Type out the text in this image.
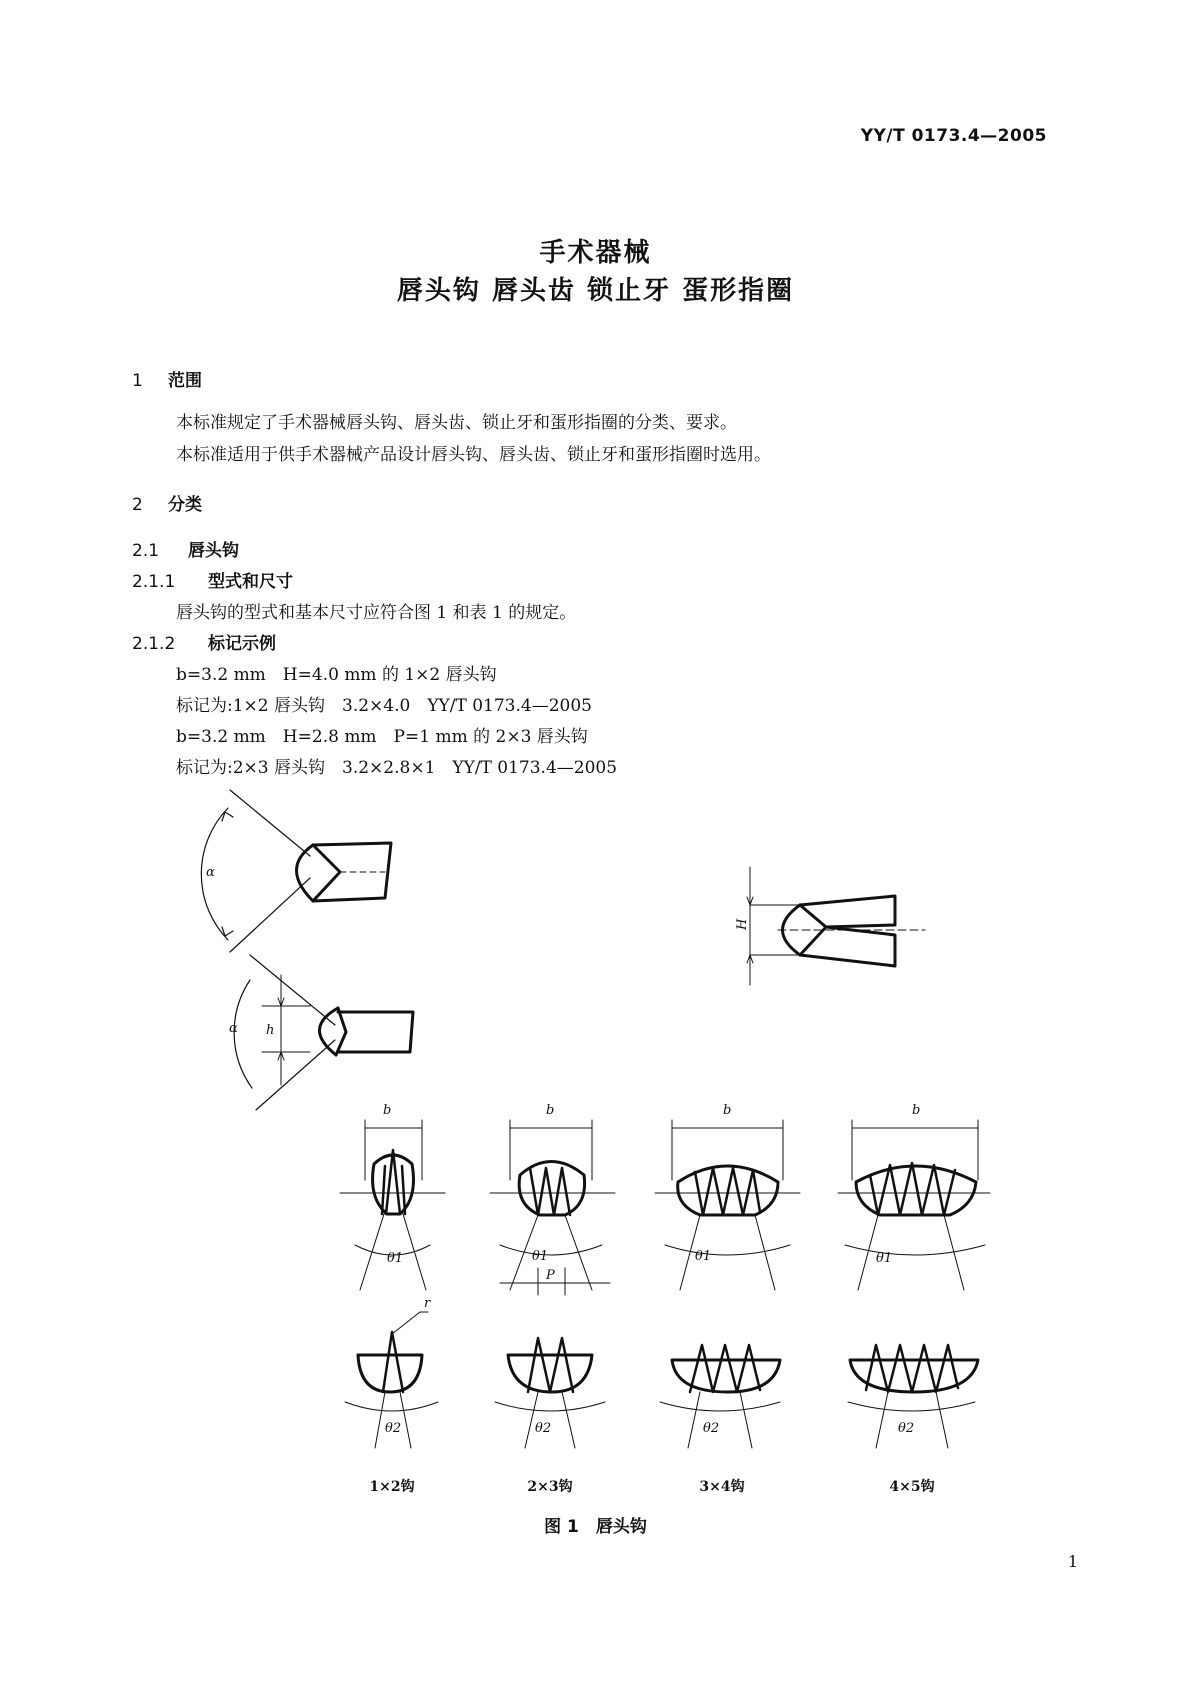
YY/T 0173.4—2005
手术器械
唇头钩 唇头齿 锁止牙 蛋形指圈
1 范围
本标准规定了手术器械唇头钩、唇头齿、锁止牙和蛋形指圈的分类、要求。
本标准适用于供手术器械产品设计唇头钩、唇头齿、锁止牙和蛋形指圈时选用。
2 分类
2.1 唇头钩
2.1.1 型式和尺寸
唇头钩的型式和基本尺寸应符合图 1 和表 1 的规定。
2.1.2 标记示例
b=3.2 mm　H=4.0 mm 的 1×2 唇头钩
标记为:1×2 唇头钩　3.2×4.0　YY/T 0173.4—2005
b=3.2 mm　H=2.8 mm　P=1 mm 的 2×3 唇头钩
标记为:2×3 唇头钩　3.2×2.8×1　YY/T 0173.4—2005
α
α h
H
b
θ1
b
θ1
P
b
θ1
b
θ1
r
θ2	θ2	θ2	θ2
1×2钩	2×3钩	3×4钩	4×5钩
图 1　唇头钩
1
